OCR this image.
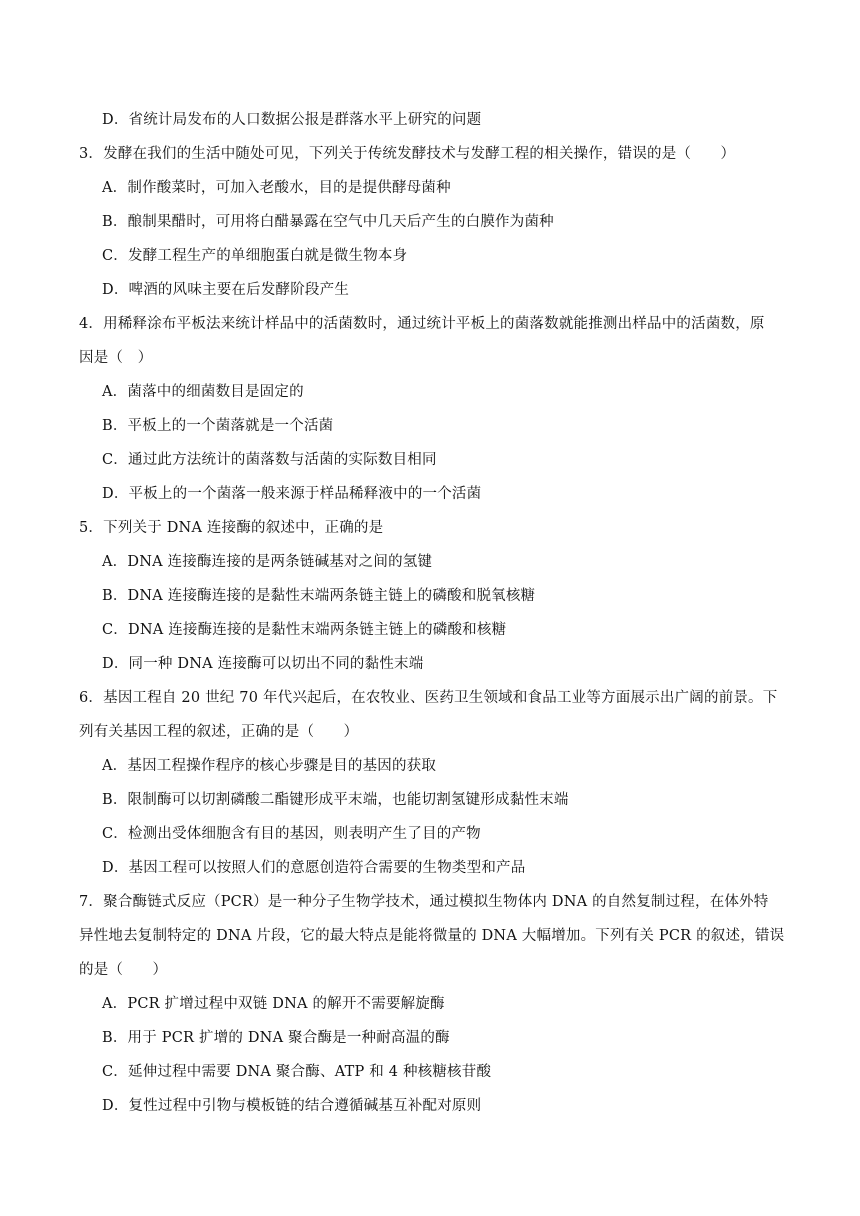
D．省统计局发布的人口数据公报是群落水平上研究的问题
3．发酵在我们的生活中随处可见，下列关于传统发酵技术与发酵工程的相关操作，错误的是（　　）
A．制作酸菜时，可加入老酸水，目的是提供酵母菌种
B．酿制果醋时，可用将白醋暴露在空气中几天后产生的白膜作为菌种
C．发酵工程生产的单细胞蛋白就是微生物本身
D．啤酒的风味主要在后发酵阶段产生
4．用稀释涂布平板法来统计样品中的活菌数时，通过统计平板上的菌落数就能推测出样品中的活菌数，原
因是（　）
A．菌落中的细菌数目是固定的
B．平板上的一个菌落就是一个活菌
C．通过此方法统计的菌落数与活菌的实际数目相同
D．平板上的一个菌落一般来源于样品稀释液中的一个活菌
5．下列关于 DNA 连接酶的叙述中，正确的是
A．DNA 连接酶连接的是两条链碱基对之间的氢键
B．DNA 连接酶连接的是黏性末端两条链主链上的磷酸和脱氧核糖
C．DNA 连接酶连接的是黏性末端两条链主链上的磷酸和核糖
D．同一种 DNA 连接酶可以切出不同的黏性末端
6．基因工程自 20 世纪 70 年代兴起后，在农牧业、医药卫生领域和食品工业等方面展示出广阔的前景。下
列有关基因工程的叙述，正确的是（　　）
A．基因工程操作程序的核心步骤是目的基因的获取
B．限制酶可以切割磷酸二酯键形成平末端，也能切割氢键形成黏性末端
C．检测出受体细胞含有目的基因，则表明产生了目的产物
D．基因工程可以按照人们的意愿创造符合需要的生物类型和产品
7．聚合酶链式反应（PCR）是一种分子生物学技术，通过模拟生物体内 DNA 的自然复制过程，在体外特
异性地去复制特定的 DNA 片段，它的最大特点是能将微量的 DNA 大幅增加。下列有关 PCR 的叙述，错误
的是（　　）
A．PCR 扩增过程中双链 DNA 的解开不需要解旋酶
B．用于 PCR 扩增的 DNA 聚合酶是一种耐高温的酶
C．延伸过程中需要 DNA 聚合酶、ATP 和 4 种核糖核苷酸
D．复性过程中引物与模板链的结合遵循碱基互补配对原则
